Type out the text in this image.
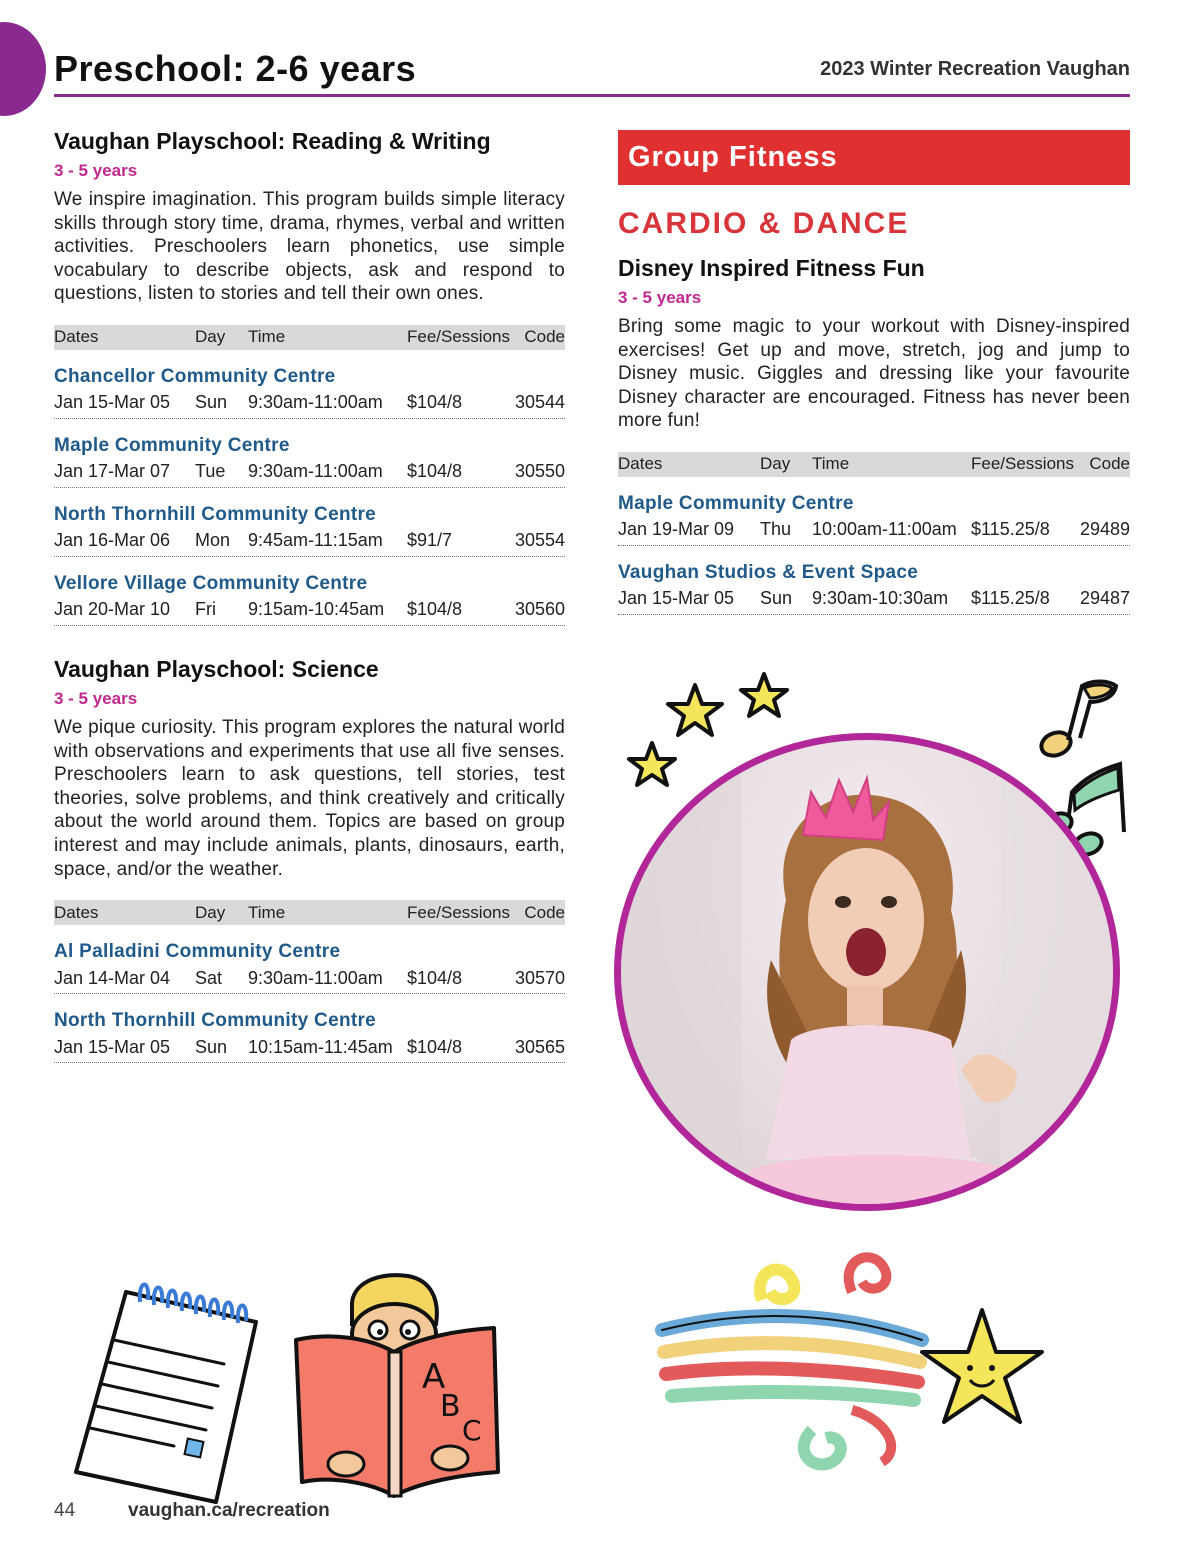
Preschool: 2-6 years	2023 Winter Recreation Vaughan
Vaughan Playschool: Reading & Writing
3 - 5 years
We inspire imagination. This program builds simple literacy skills through story time, drama, rhymes, verbal and written activities. Preschoolers learn phonetics, use simple vocabulary to describe objects, ask and respond to questions, listen to stories and tell their own ones.
Dates	Day	Time	Fee/Sessions Code
Chancellor Community Centre
Jan 15-Mar 05	Sun	9:30am-11:00am	$104/8	30544
Maple Community Centre
Jan 17-Mar 07	Tue	9:30am-11:00am	$104/8	30550
North Thornhill Community Centre
Jan 16-Mar 06	Mon 9:45am-11:15am	$91/7	30554
Vellore Village Community Centre
Jan 20-Mar 10	Fri	9:15am-10:45am	$104/8	30560
Vaughan Playschool: Science
3 - 5 years
We pique curiosity. This program explores the natural world with observations and experiments that use all five senses. Preschoolers learn to ask questions, tell stories, test theories, solve problems, and think creatively and critically about the world around them. Topics are based on group interest and may include animals, plants, dinosaurs, earth, space, and/or the weather.
Dates	Day	Time	Fee/Sessions Code
Al Palladini Community Centre
Jan 14-Mar 04	Sat	9:30am-11:00am	$104/8	30570
North Thornhill Community Centre
Jan 15-Mar 05	Sun	10:15am-11:45am $104/8	30565
Group Fitness
CARDIO & DANCE
Disney Inspired Fitness Fun
3 - 5 years
Bring some magic to your workout with Disney-inspired exercises! Get up and move, stretch, jog and jump to Disney music. Giggles and dressing like your favourite Disney character are encouraged. Fitness has never been more fun!
Dates	Day	Time	Fee/Sessions Code
Maple Community Centre
Jan 19-Mar 09	Thu	10:00am-11:00am $115.25/8	29489
Vaughan Studios & Event Space
Jan 15-Mar 05	Sun	9:30am-10:30am	$115.25/8	29487
A
B
C
44	vaughan.ca/recreation
